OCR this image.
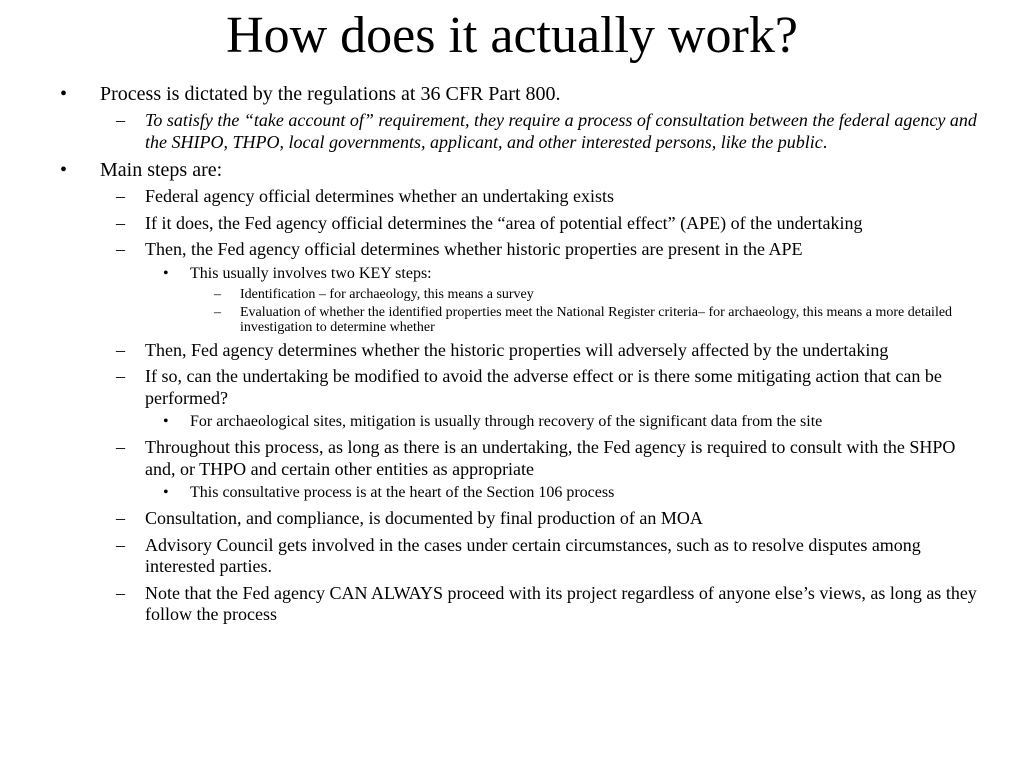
How does it actually work?
• Process is dictated by the regulations at 36 CFR Part 800.
– To satisfy the “take account of” requirement, they require a process of consultation between the federal agency and the SHIPO, THPO, local governments, applicant, and other interested persons, like the public.
• Main steps are:
– Federal agency official determines whether an undertaking exists
– If it does, the Fed agency official determines the “area of potential effect” (APE) of the undertaking
– Then, the Fed agency official determines whether historic properties are present in the APE
• This usually involves two KEY steps:
– Identification – for archaeology, this means a survey
– Evaluation of whether the identified properties meet the National Register criteria– for archaeology, this means a more detailed investigation to determine whether
– Then, Fed agency determines whether the historic properties will adversely affected by the undertaking
– If so, can the undertaking be modified to avoid the adverse effect or is there some mitigating action that can be performed?
• For archaeological sites, mitigation is usually through recovery of the significant data from the site
– Throughout this process, as long as there is an undertaking, the Fed agency is required to consult with the SHPO and, or THPO and certain other entities as appropriate
• This consultative process is at the heart of the Section 106 process
– Consultation, and compliance, is documented by final production of an MOA
– Advisory Council gets involved in the cases under certain circumstances, such as to resolve disputes among interested parties.
– Note that the Fed agency CAN ALWAYS proceed with its project regardless of anyone else’s views, as long as they follow the process
